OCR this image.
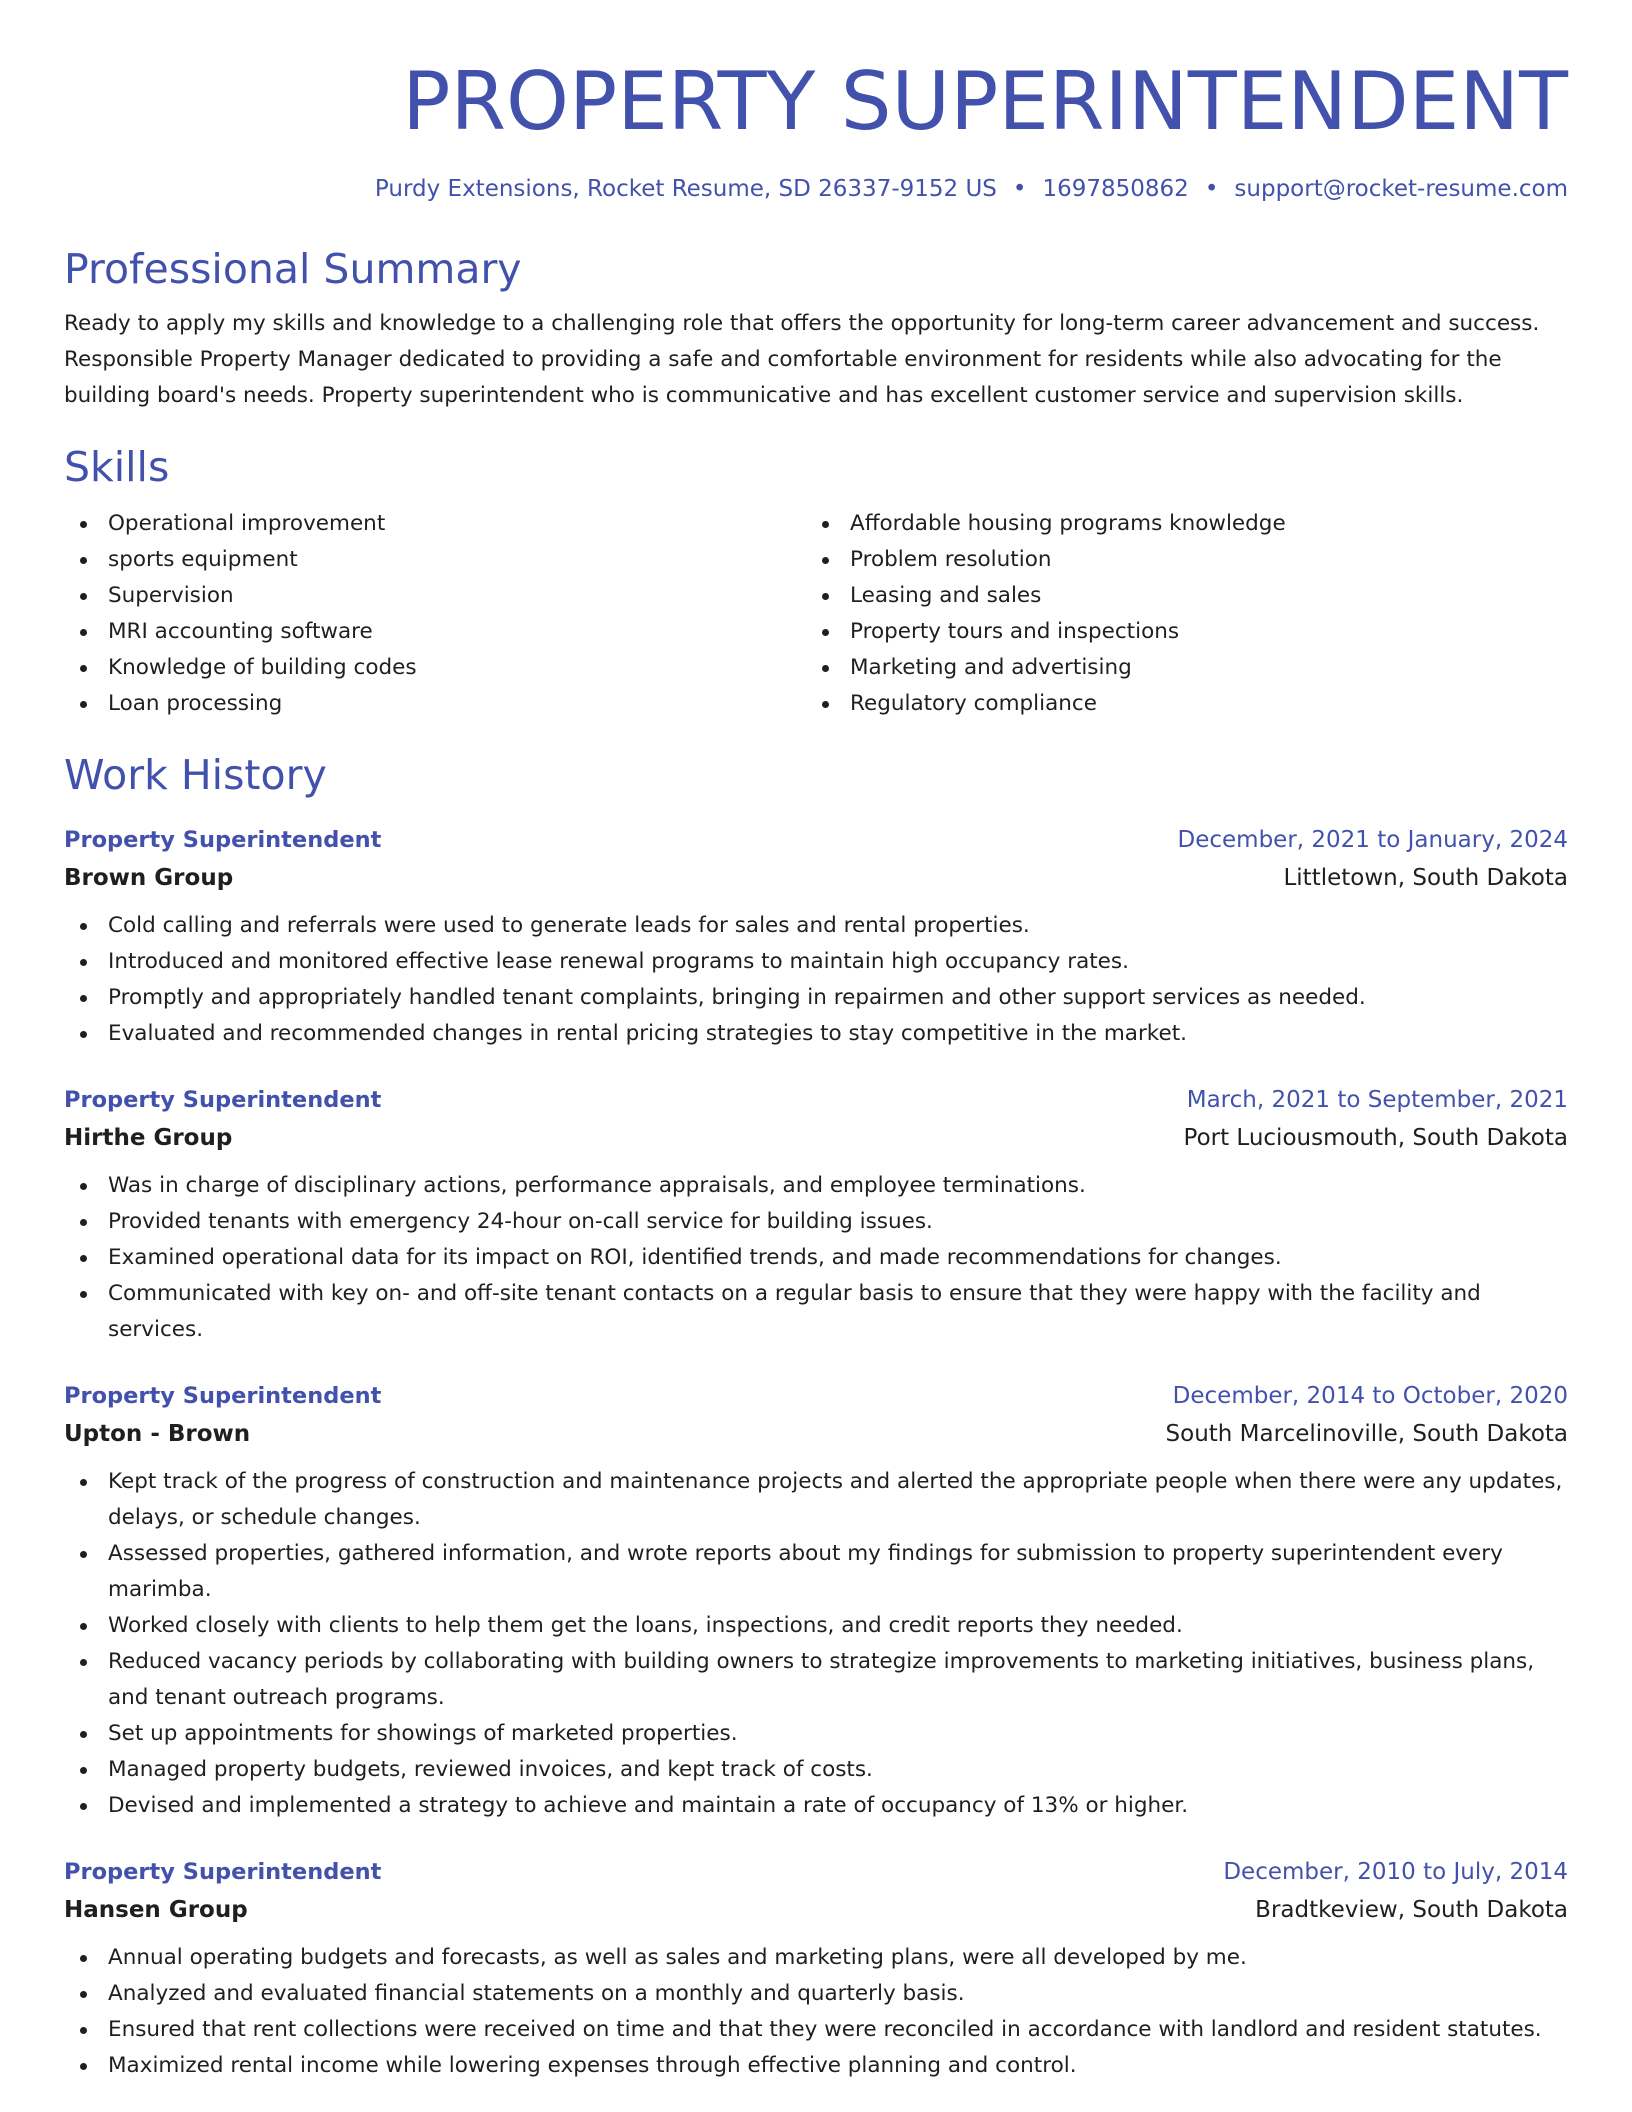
PROPERTY SUPERINTENDENT
Purdy Extensions, Rocket Resume, SD 26337-9152 US • 1697850862 • support@rocket-resume.com
Professional Summary
Ready to apply my skills and knowledge to a challenging role that offers the opportunity for long-term career advancement and success. Responsible Property Manager dedicated to providing a safe and comfortable environment for residents while also advocating for the building board's needs. Property superintendent who is communicative and has excellent customer service and supervision skills.
Skills
Operational improvement
sports equipment
Supervision
MRI accounting software
Knowledge of building codes
Loan processing
Affordable housing programs knowledge
Problem resolution
Leasing and sales
Property tours and inspections
Marketing and advertising
Regulatory compliance
Work History
Property Superintendent	December, 2021 to January, 2024
Brown Group	Littletown, South Dakota
Cold calling and referrals were used to generate leads for sales and rental properties.
Introduced and monitored effective lease renewal programs to maintain high occupancy rates.
Promptly and appropriately handled tenant complaints, bringing in repairmen and other support services as needed.
Evaluated and recommended changes in rental pricing strategies to stay competitive in the market.
Property Superintendent	March, 2021 to September, 2021
Hirthe Group	Port Luciousmouth, South Dakota
Was in charge of disciplinary actions, performance appraisals, and employee terminations.
Provided tenants with emergency 24-hour on-call service for building issues.
Examined operational data for its impact on ROI, identified trends, and made recommendations for changes.
Communicated with key on- and off-site tenant contacts on a regular basis to ensure that they were happy with the facility and services.
Property Superintendent	December, 2014 to October, 2020
Upton - Brown	South Marcelinoville, South Dakota
Kept track of the progress of construction and maintenance projects and alerted the appropriate people when there were any updates, delays, or schedule changes.
Assessed properties, gathered information, and wrote reports about my findings for submission to property superintendent every marimba.
Worked closely with clients to help them get the loans, inspections, and credit reports they needed.
Reduced vacancy periods by collaborating with building owners to strategize improvements to marketing initiatives, business plans, and tenant outreach programs.
Set up appointments for showings of marketed properties.
Managed property budgets, reviewed invoices, and kept track of costs.
Devised and implemented a strategy to achieve and maintain a rate of occupancy of 13% or higher.
Property Superintendent	December, 2010 to July, 2014
Hansen Group	Bradtkeview, South Dakota
Annual operating budgets and forecasts, as well as sales and marketing plans, were all developed by me.
Analyzed and evaluated financial statements on a monthly and quarterly basis.
Ensured that rent collections were received on time and that they were reconciled in accordance with landlord and resident statutes.
Maximized rental income while lowering expenses through effective planning and control.
